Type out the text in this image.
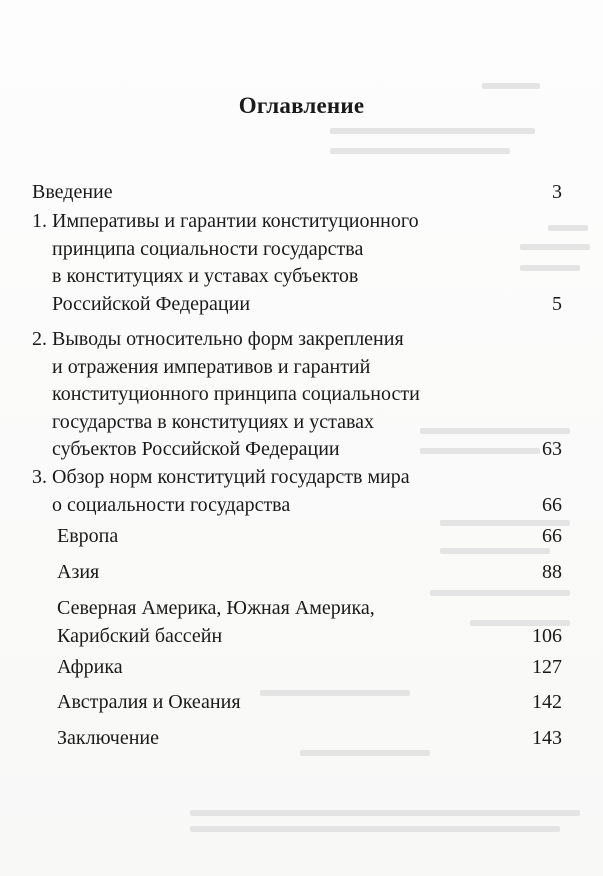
Оглавление
Введение	3
1. Императивы и гарантии конституционного
принципа социальности государства
в конституциях и уставах субъектов
Российской Федерации	5
2. Выводы относительно форм закрепления
и отражения императивов и гарантий
конституционного принципа социальности
государства в конституциях и уставах
субъектов Российской Федерации	63
3. Обзор норм конституций государств мира
о социальности государства	66
Европа	66
Азия	88
Северная Америка, Южная Америка,
Карибский бассейн	106
Африка	127
Австралия и Океания	142
Заключение	143
